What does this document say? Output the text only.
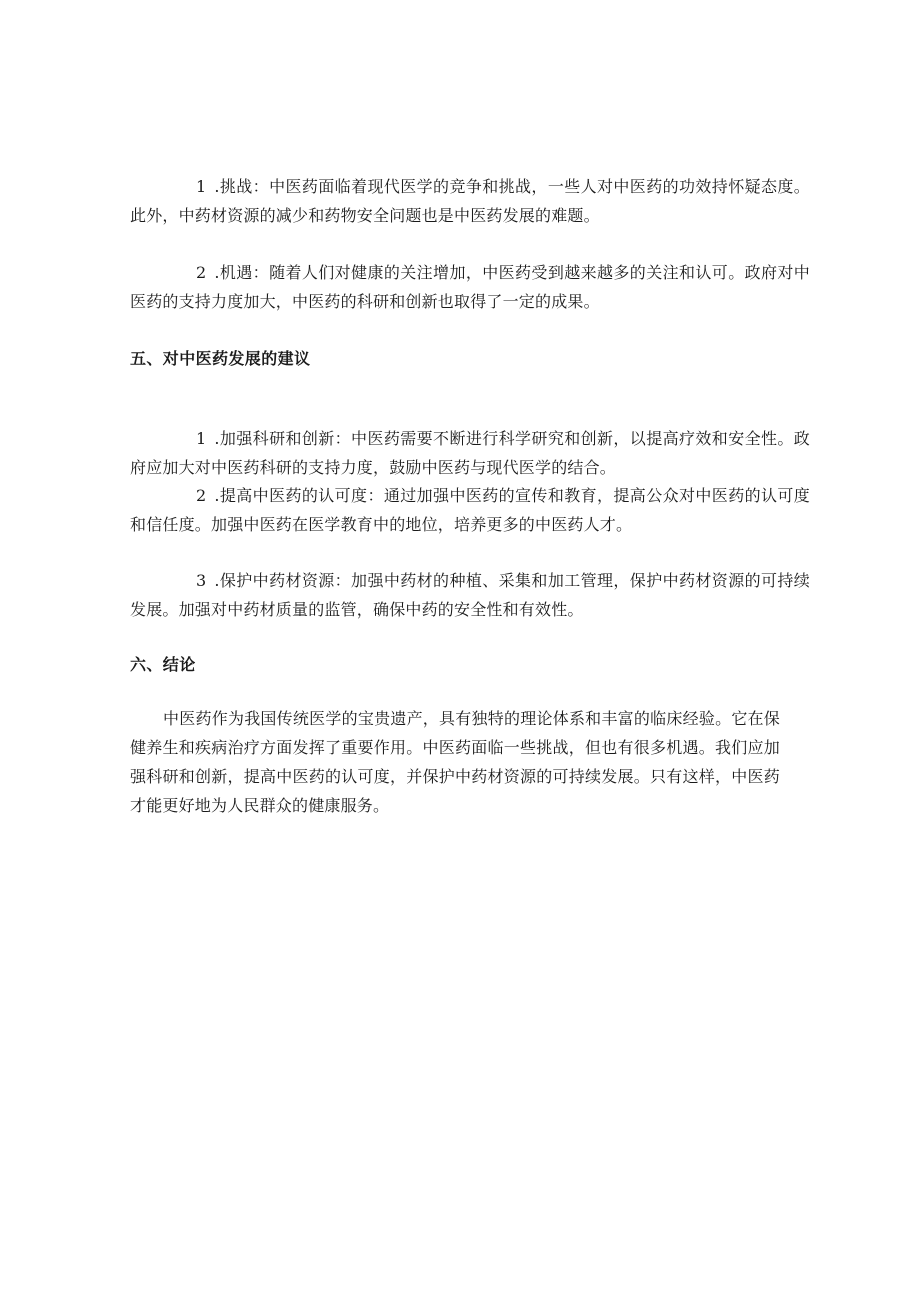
1 .挑战：中医药面临着现代医学的竞争和挑战，一些人对中医药的功效持怀疑态度。此外，中药材资源的减少和药物安全问题也是中医药发展的难题。

2 .机遇：随着人们对健康的关注增加，中医药受到越来越多的关注和认可。政府对中医药的支持力度加大，中医药的科研和创新也取得了一定的成果。

五、对中医药发展的建议

1 .加强科研和创新：中医药需要不断进行科学研究和创新，以提高疗效和安全性。政府应加大对中医药科研的支持力度，鼓励中医药与现代医学的结合。

2 .提高中医药的认可度：通过加强中医药的宣传和教育，提高公众对中医药的认可度和信任度。加强中医药在医学教育中的地位，培养更多的中医药人才。

3 .保护中药材资源：加强中药材的种植、采集和加工管理，保护中药材资源的可持续发展。加强对中药材质量的监管，确保中药的安全性和有效性。

六、结论

中医药作为我国传统医学的宝贵遗产，具有独特的理论体系和丰富的临床经验。它在保健养生和疾病治疗方面发挥了重要作用。中医药面临一些挑战，但也有很多机遇。我们应加强科研和创新，提高中医药的认可度，并保护中药材资源的可持续发展。只有这样，中医药才能更好地为人民群众的健康服务。
